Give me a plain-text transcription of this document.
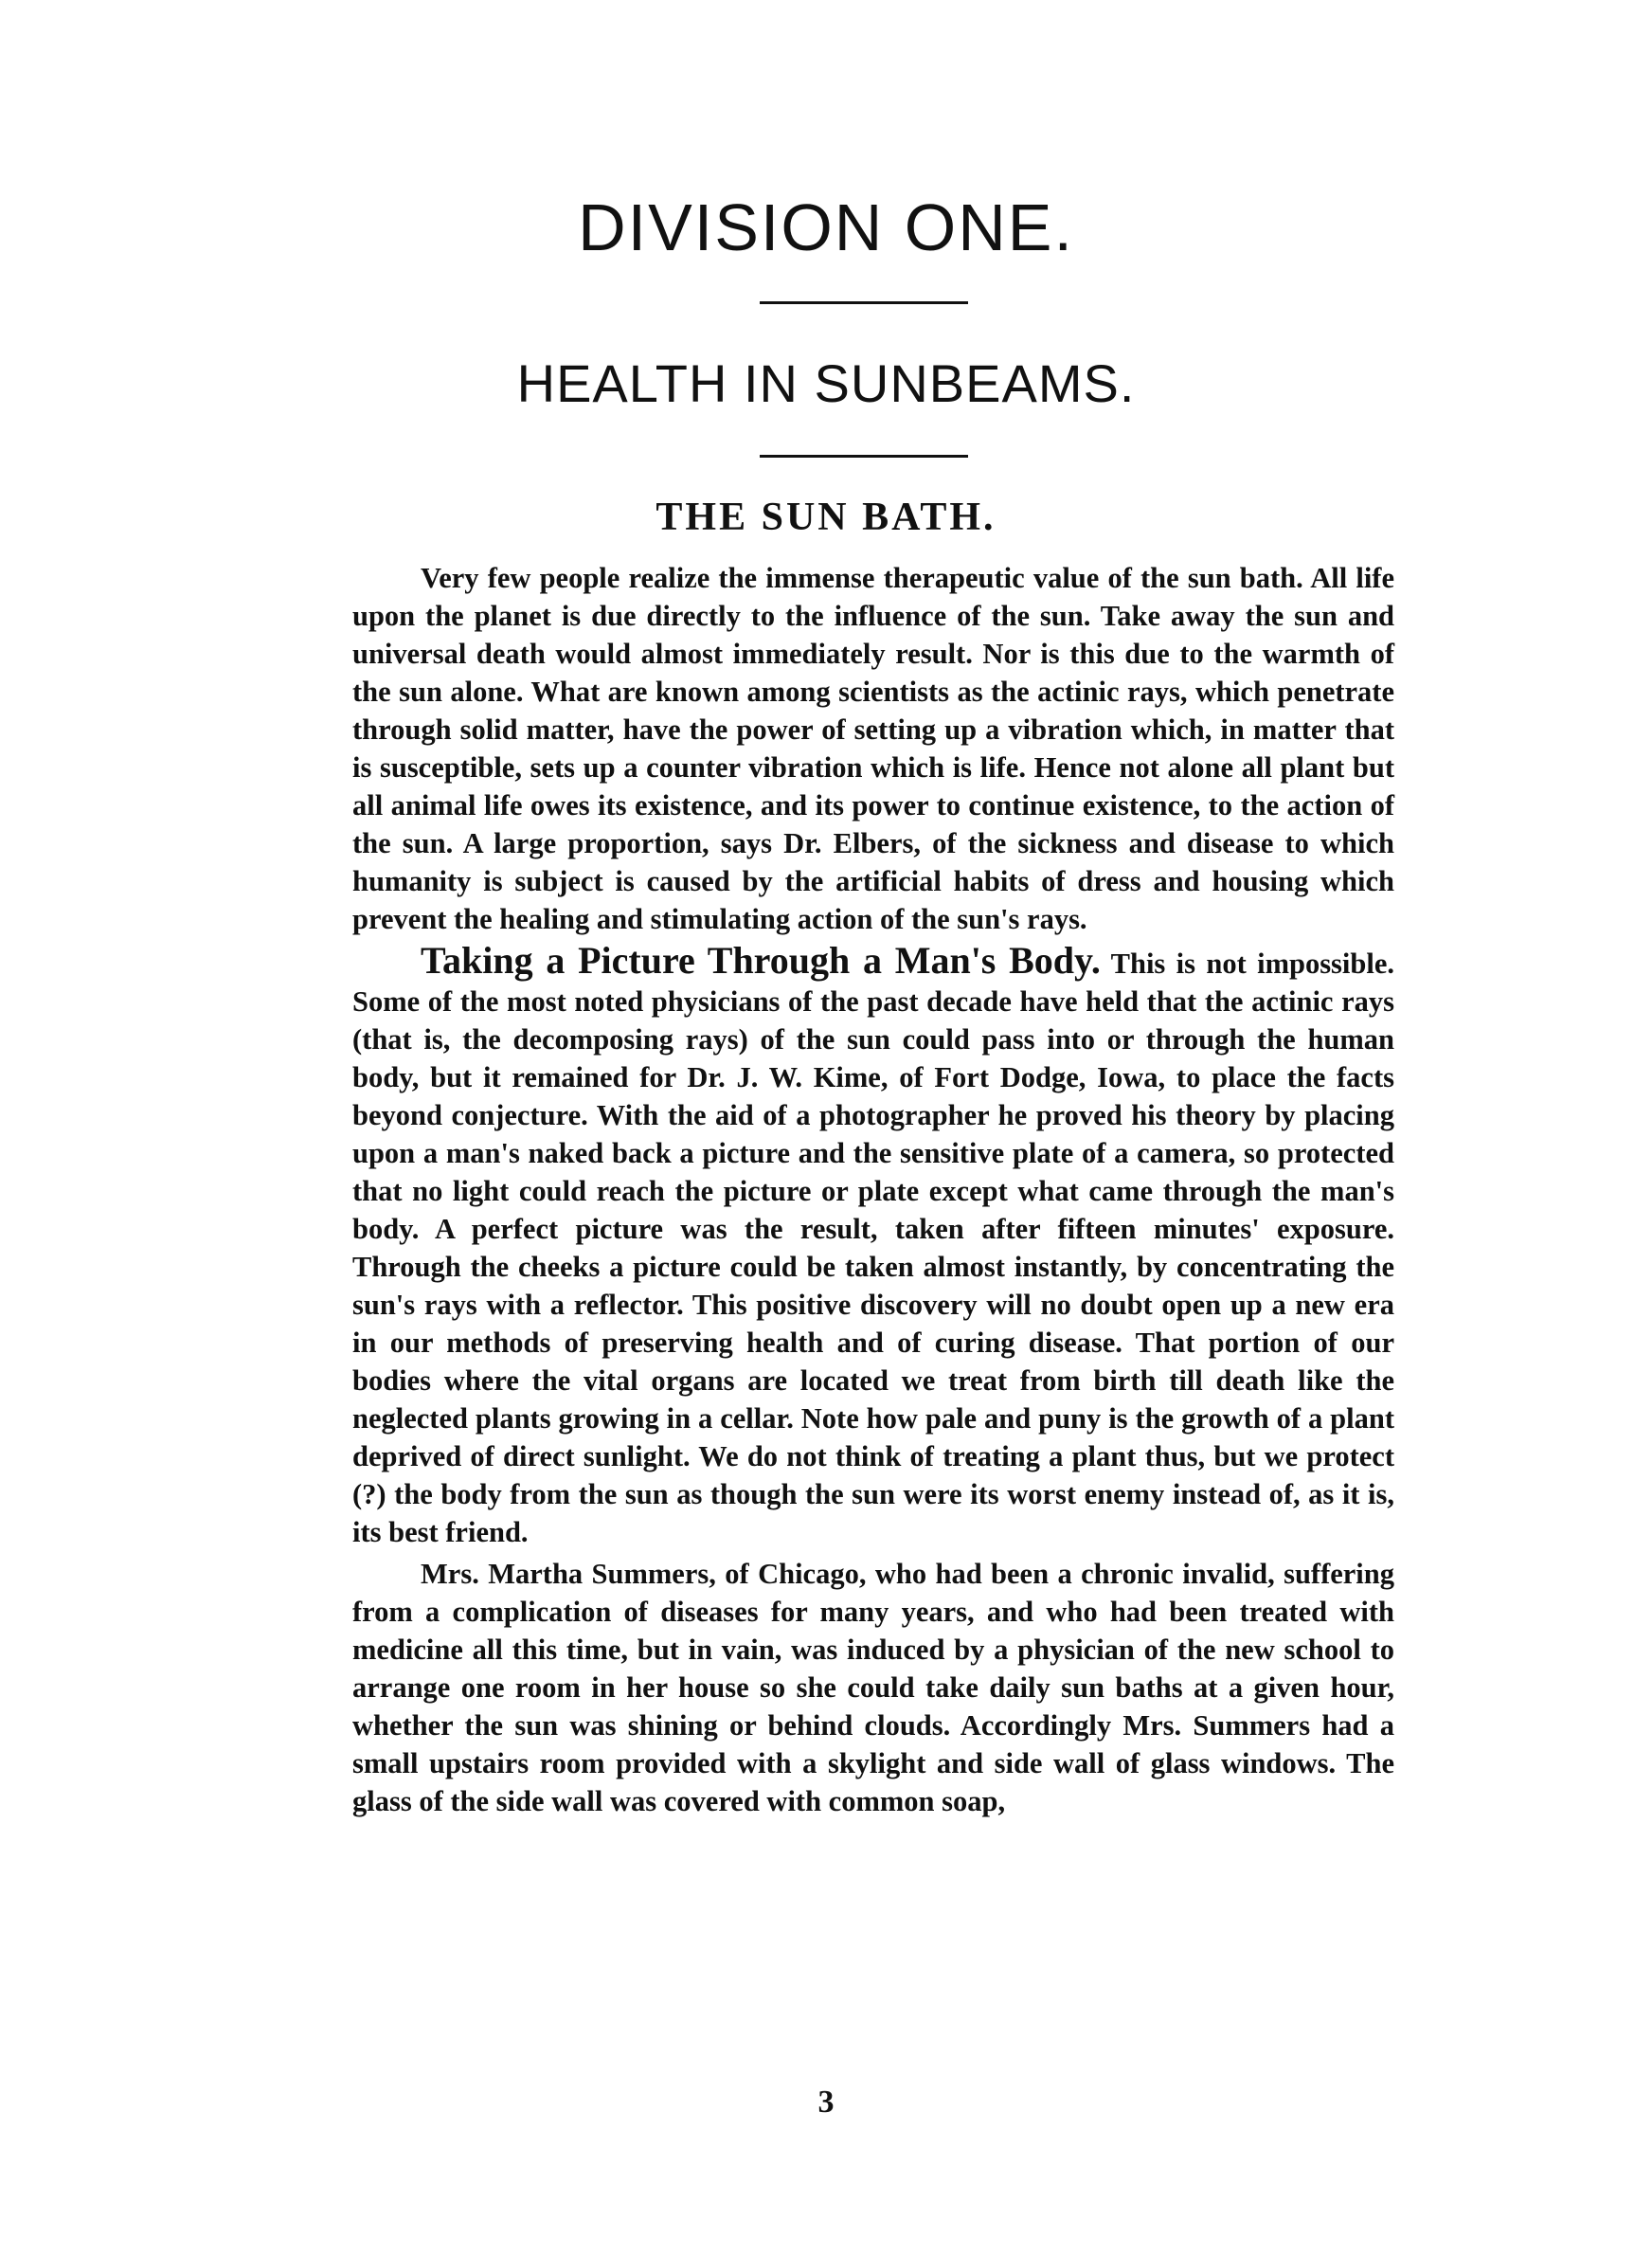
DIVISION ONE.
HEALTH IN SUNBEAMS.
THE SUN BATH.

Very few people realize the immense therapeutic value of the sun bath. All life upon the planet is due directly to the influence of the sun. Take away the sun and universal death would almost immediately result. Nor is this due to the warmth of the sun alone. What are known among scientists as the actinic rays, which penetrate through solid matter, have the power of setting up a vibration which, in matter that is susceptible, sets up a counter vibration which is life. Hence not alone all plant but all animal life owes its existence, and its power to continue existence, to the action of the sun. A large proportion, says Dr. Elbers, of the sickness and disease to which humanity is subject is caused by the artificial habits of dress and housing which prevent the healing and stimulating action of the sun's rays.

Taking a Picture Through a Man's Body. This is not impossible. Some of the most noted physicians of the past decade have held that the actinic rays (that is, the decomposing rays) of the sun could pass into or through the human body, but it remained for Dr. J. W. Kime, of Fort Dodge, Iowa, to place the facts beyond conjecture. With the aid of a photographer he proved his theory by placing upon a man's naked back a picture and the sensitive plate of a camera, so protected that no light could reach the picture or plate except what came through the man's body. A perfect picture was the result, taken after fifteen minutes' exposure. Through the cheeks a picture could be taken almost instantly, by concentrating the sun's rays with a reflector. This positive discovery will no doubt open up a new era in our methods of preserving health and of curing disease. That portion of our bodies where the vital organs are located we treat from birth till death like the neglected plants growing in a cellar. Note how pale and puny is the growth of a plant deprived of direct sunlight. We do not think of treating a plant thus, but we protect (?) the body from the sun as though the sun were its worst enemy instead of, as it is, its best friend.

Mrs. Martha Summers, of Chicago, who had been a chronic invalid, suffering from a complication of diseases for many years, and who had been treated with medicine all this time, but in vain, was induced by a physician of the new school to arrange one room in her house so she could take daily sun baths at a given hour, whether the sun was shining or behind clouds. Accordingly Mrs. Summers had a small upstairs room provided with a skylight and side wall of glass windows. The glass of the side wall was covered with common soap,

3
